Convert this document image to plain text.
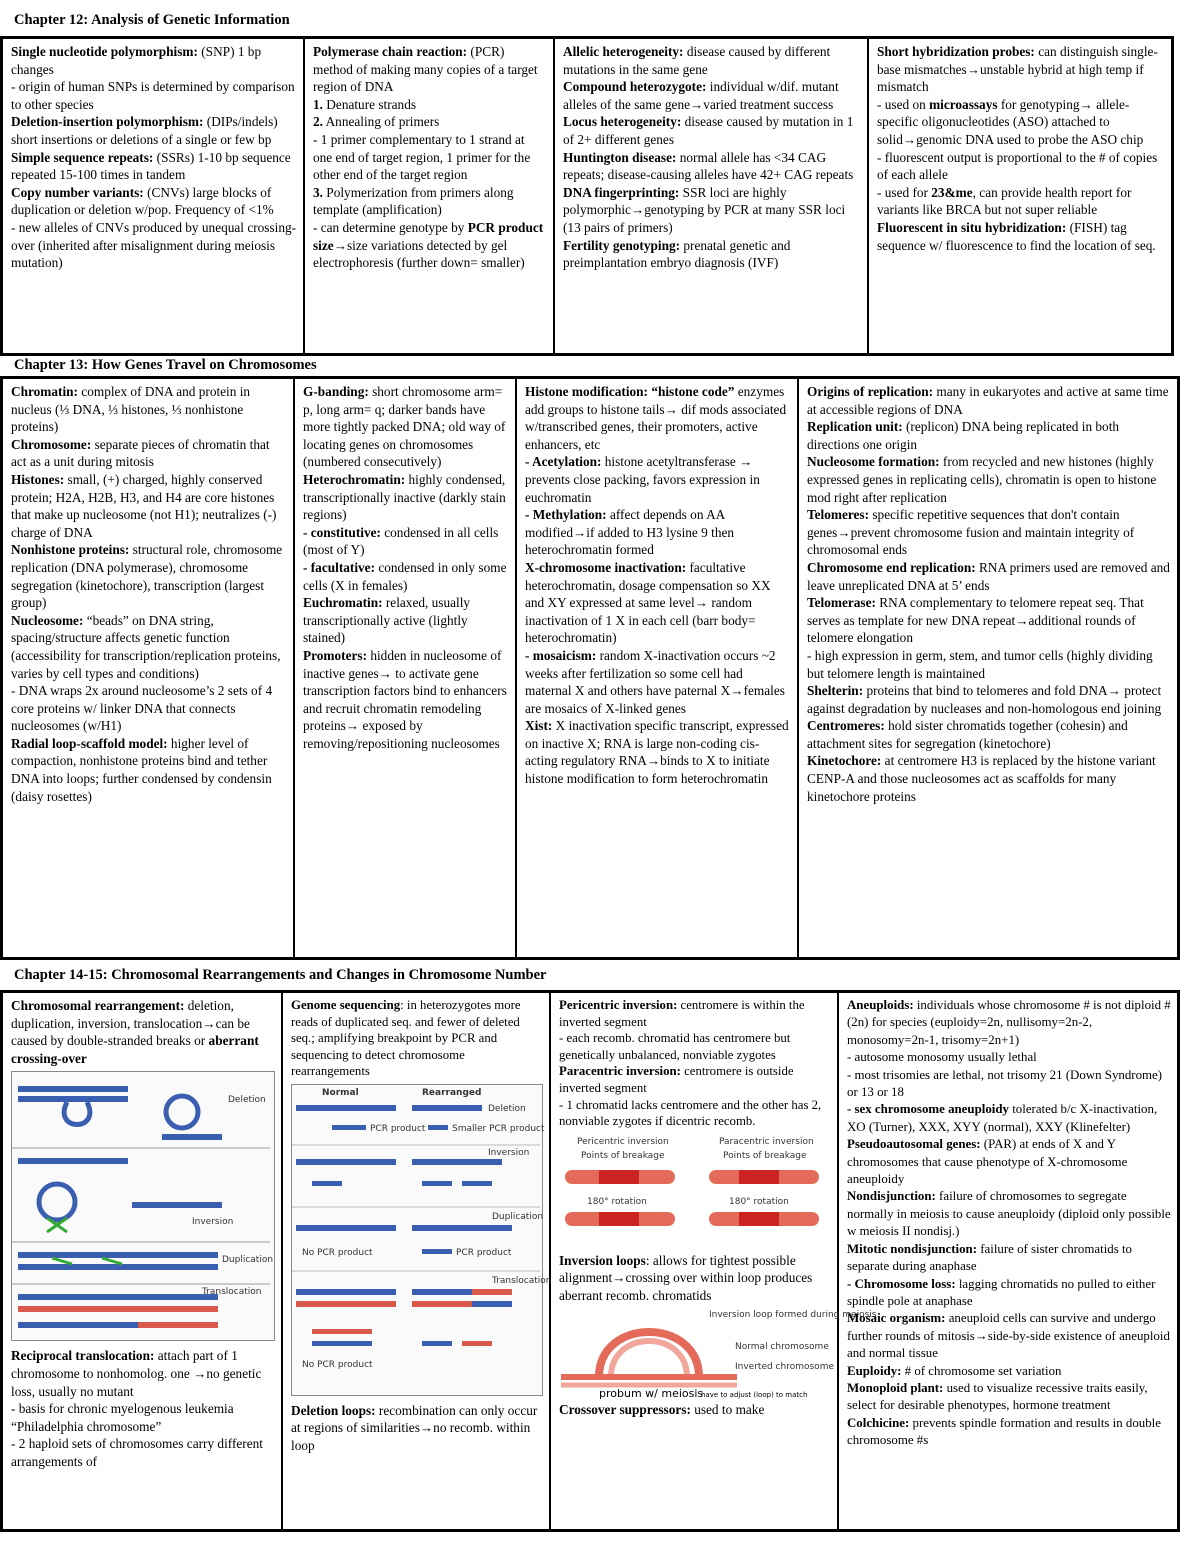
Chapter 12: Analysis of Genetic Information

Single nucleotide polymorphism: (SNP) 1 bp changes

- origin of human SNPs is determined by comparison to other species

Deletion-insertion polymorphism: (DIPs/indels) short insertions or deletions of a single or few bp

Simple sequence repeats: (SSRs) 1-10 bp sequence repeated 15-100 times in tandem

Copy number variants: (CNVs) large blocks of duplication or deletion w/pop. Frequency of <1%

- new alleles of CNVs produced by unequal crossing-over (inherited after misalignment during meiosis mutation)

Polymerase chain reaction: (PCR) method of making many copies of a target region of DNA

1. Denature strands

2. Annealing of primers

- 1 primer complementary to 1 strand at one end of target region, 1 primer for the other end of the target region

3. Polymerization from primers along template (amplification)

- can determine genotype by PCR product size→size variations detected by gel electrophoresis (further down= smaller)

Allelic heterogeneity: disease caused by different mutations in the same gene

Compound heterozygote: individual w/dif. mutant alleles of the same gene→varied treatment success

Locus heterogeneity: disease caused by mutation in 1 of 2+ different genes

Huntington disease: normal allele has <34 CAG repeats; disease-causing alleles have 42+ CAG repeats

DNA fingerprinting: SSR loci are highly polymorphic→genotyping by PCR at many SSR loci (13 pairs of primers)

Fertility genotyping: prenatal genetic and preimplantation embryo diagnosis (IVF)

Short hybridization probes: can distinguish single-base mismatches→unstable hybrid at high temp if mismatch

- used on microassays for genotyping→ allele-specific oligonucleotides (ASO) attached to solid→genomic DNA used to probe the ASO chip

- fluorescent output is proportional to the # of copies of each allele

- used for 23&me, can provide health report for variants like BRCA but not super reliable

Fluorescent in situ hybridization: (FISH) tag sequence w/ fluorescence to find the location of seq.

Chapter 13: How Genes Travel on Chromosomes

Chromatin: complex of DNA and protein in nucleus (⅓ DNA, ⅓ histones, ⅓ nonhistone proteins)

Chromosome: separate pieces of chromatin that act as a unit during mitosis

Histones: small, (+) charged, highly conserved protein; H2A, H2B, H3, and H4 are core histones that make up nucleosome (not H1); neutralizes (-) charge of DNA

Nonhistone proteins: structural role, chromosome replication (DNA polymerase), chromosome segregation (kinetochore), transcription (largest group)

Nucleosome: “beads” on DNA string, spacing/structure affects genetic function (accessibility for transcription/replication proteins, varies by cell types and conditions)

- DNA wraps 2x around nucleosome’s 2 sets of 4 core proteins w/ linker DNA that connects nucleosomes (w/H1)

Radial loop-scaffold model: higher level of compaction, nonhistone proteins bind and tether DNA into loops; further condensed by condensin (daisy rosettes)

G-banding: short chromosome arm= p, long arm= q; darker bands have more tightly packed DNA; old way of locating genes on chromosomes (numbered consecutively)

Heterochromatin: highly condensed, transcriptionally inactive (darkly stain regions)

- constitutive: condensed in all cells (most of Y)

- facultative: condensed in only some cells (X in females)

Euchromatin: relaxed, usually transcriptionally active (lightly stained)

Promoters: hidden in nucleosome of inactive genes→ to activate gene transcription factors bind to enhancers and recruit chromatin remodeling proteins→ exposed by removing/repositioning nucleosomes

Histone modification: “histone code” enzymes add groups to histone tails→ dif mods associated w/transcribed genes, their promoters, active enhancers, etc

- Acetylation: histone acetyltransferase → prevents close packing, favors expression in euchromatin

- Methylation: affect depends on AA modified→if added to H3 lysine 9 then heterochromatin formed

X-chromosome inactivation: facultative heterochromatin, dosage compensation so XX and XY expressed at same level→ random inactivation of 1 X in each cell (barr body= heterochromatin)

- mosaicism: random X-inactivation occurs ~2 weeks after fertilization so some cell had maternal X and others have paternal X→females are mosaics of X-linked genes

Xist: X inactivation specific transcript, expressed on inactive X; RNA is large non-coding cis-acting regulatory RNA→binds to X to initiate histone modification to form heterochromatin

Origins of replication: many in eukaryotes and active at same time at accessible regions of DNA

Replication unit: (replicon) DNA being replicated in both directions one origin

Nucleosome formation: from recycled and new histones (highly expressed genes in replicating cells), chromatin is open to histone mod right after replication

Telomeres: specific repetitive sequences that don't contain genes→prevent chromosome fusion and maintain integrity of chromosomal ends

Chromosome end replication: RNA primers used are removed and leave unreplicated DNA at 5’ ends

Telomerase: RNA complementary to telomere repeat seq. That serves as template for new DNA repeat→additional rounds of telomere elongation

- high expression in germ, stem, and tumor cells (highly dividing but telomere length is maintained

Shelterin: proteins that bind to telomeres and fold DNA→ protect against degradation by nucleases and non-homologous end joining

Centromeres: hold sister chromatids together (cohesin) and attachment sites for segregation (kinetochore)

Kinetochore: at centromere H3 is replaced by the histone variant CENP-A and those nucleosomes act as scaffolds for many kinetochore proteins

Chapter 14-15: Chromosomal Rearrangements and Changes in Chromosome Number

Chromosomal rearrangement: deletion, duplication, inversion, translocation→can be caused by double-stranded breaks or aberrant crossing-over

Deletion
Inversion
Duplication
Translocation

Reciprocal translocation: attach part of 1 chromosome to nonhomolog. one →no genetic loss, usually no mutant

- basis for chronic myelogenous leukemia “Philadelphia chromosome”

- 2 haploid sets of chromosomes carry different arrangements of

Genome sequencing: in heterozygotes more reads of duplicated seq. and fewer of deleted seq.; amplifying breakpoint by PCR and sequencing to detect chromosome rearrangements

Normal	Rearranged
Deletion
PCR product	Smaller PCR product
Inversion
Duplication
No PCR product	PCR product
Translocation
No PCR product

Deletion loops: recombination can only occur at regions of similarities→no recomb. within loop

Pericentric inversion: centromere is within the inverted segment

- each recomb. chromatid has centromere but genetically unbalanced, nonviable zygotes

Paracentric inversion: centromere is outside inverted segment

- 1 chromatid lacks centromere and the other has 2, nonviable zygotes if dicentric recomb.

Pericentric inversion	Paracentric inversion
Points of breakage	Points of breakage
180° rotation	180° rotation

Inversion loops: allows for tightest possible alignment→crossing over within loop produces aberrant recomb. chromatids

Inversion loop formed during meiosis
Normal chromosome
Inverted chromosome
probum w/ meiosis
have to adjust (loop) to match

Crossover suppressors: used to make

Aneuploids: individuals whose chromosome # is not diploid # (2n) for species (euploidy=2n, nullisomy=2n-2, monosomy=2n-1, trisomy=2n+1)

- autosome monosomy usually lethal

- most trisomies are lethal, not trisomy 21 (Down Syndrome) or 13 or 18

- sex chromosome aneuploidy tolerated b/c X-inactivation, XO (Turner), XXX, XYY (normal), XXY (Klinefelter)

Pseudoautosomal genes: (PAR) at ends of X and Y chromosomes that cause phenotype of X-chromosome aneuploidy

Nondisjunction: failure of chromosomes to segregate normally in meiosis to cause aneuploidy (diploid only possible w meiosis II nondisj.)

Mitotic nondisjunction: failure of sister chromatids to separate during anaphase

- Chromosome loss: lagging chromatids no pulled to either spindle pole at anaphase

Mosaic organism: aneuploid cells can survive and undergo further rounds of mitosis→side-by-side existence of aneuploid and normal tissue

Euploidy: # of chromosome set variation

Monoploid plant: used to visualize recessive traits easily, select for desirable phenotypes, hormone treatment

Colchicine: prevents spindle formation and results in double chromosome #s
